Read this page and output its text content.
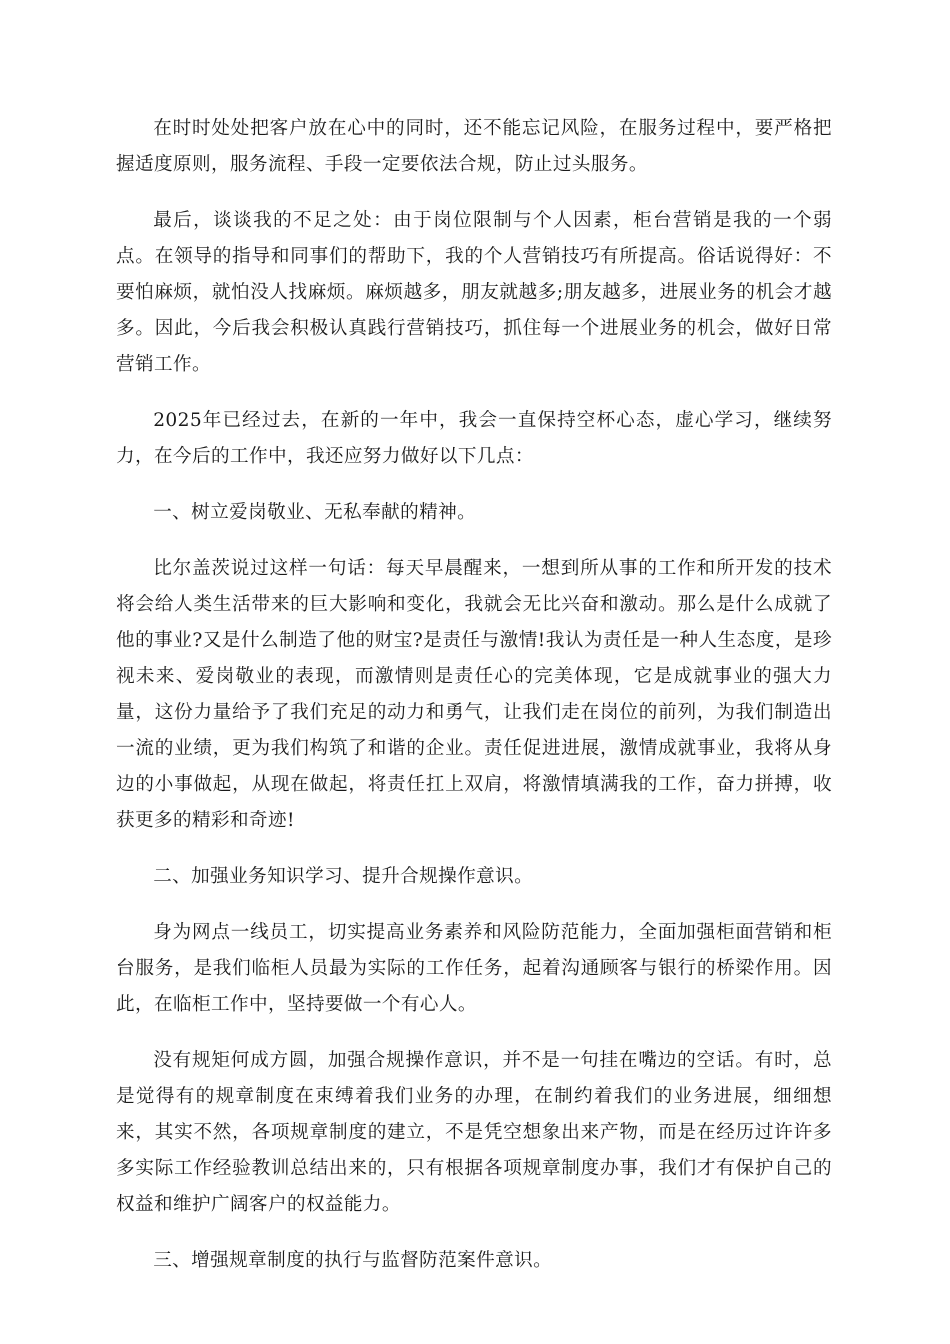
在时时处处把客户放在心中的同时，还不能忘记风险，在服务过程中，要严格把握适度原则，服务流程、手段一定要依法合规，防止过头服务。

最后，谈谈我的不足之处：由于岗位限制与个人因素，柜台营销是我的一个弱点。在领导的指导和同事们的帮助下，我的个人营销技巧有所提高。俗话说得好：不要怕麻烦，就怕没人找麻烦。麻烦越多，朋友就越多;朋友越多，进展业务的机会才越多。因此，今后我会积极认真践行营销技巧，抓住每一个进展业务的机会，做好日常营销工作。

2025年已经过去，在新的一年中，我会一直保持空杯心态，虚心学习，继续努力，在今后的工作中，我还应努力做好以下几点：

一、树立爱岗敬业、无私奉献的精神。

比尔盖茨说过这样一句话：每天早晨醒来，一想到所从事的工作和所开发的技术将会给人类生活带来的巨大影响和变化，我就会无比兴奋和激动。那么是什么成就了他的事业?又是什么制造了他的财宝?是责任与激情!我认为责任是一种人生态度，是珍视未来、爱岗敬业的表现，而激情则是责任心的完美体现，它是成就事业的强大力量，这份力量给予了我们充足的动力和勇气，让我们走在岗位的前列，为我们制造出一流的业绩，更为我们构筑了和谐的企业。责任促进进展，激情成就事业，我将从身边的小事做起，从现在做起，将责任扛上双肩，将激情填满我的工作，奋力拼搏，收获更多的精彩和奇迹!

二、加强业务知识学习、提升合规操作意识。

身为网点一线员工，切实提高业务素养和风险防范能力，全面加强柜面营销和柜台服务，是我们临柜人员最为实际的工作任务，起着沟通顾客与银行的桥梁作用。因此，在临柜工作中，坚持要做一个有心人。

没有规矩何成方圆，加强合规操作意识，并不是一句挂在嘴边的空话。有时，总是觉得有的规章制度在束缚着我们业务的办理，在制约着我们的业务进展，细细想来，其实不然，各项规章制度的建立，不是凭空想象出来产物，而是在经历过许许多多实际工作经验教训总结出来的，只有根据各项规章制度办事，我们才有保护自己的权益和维护广阔客户的权益能力。

三、增强规章制度的执行与监督防范案件意识。
